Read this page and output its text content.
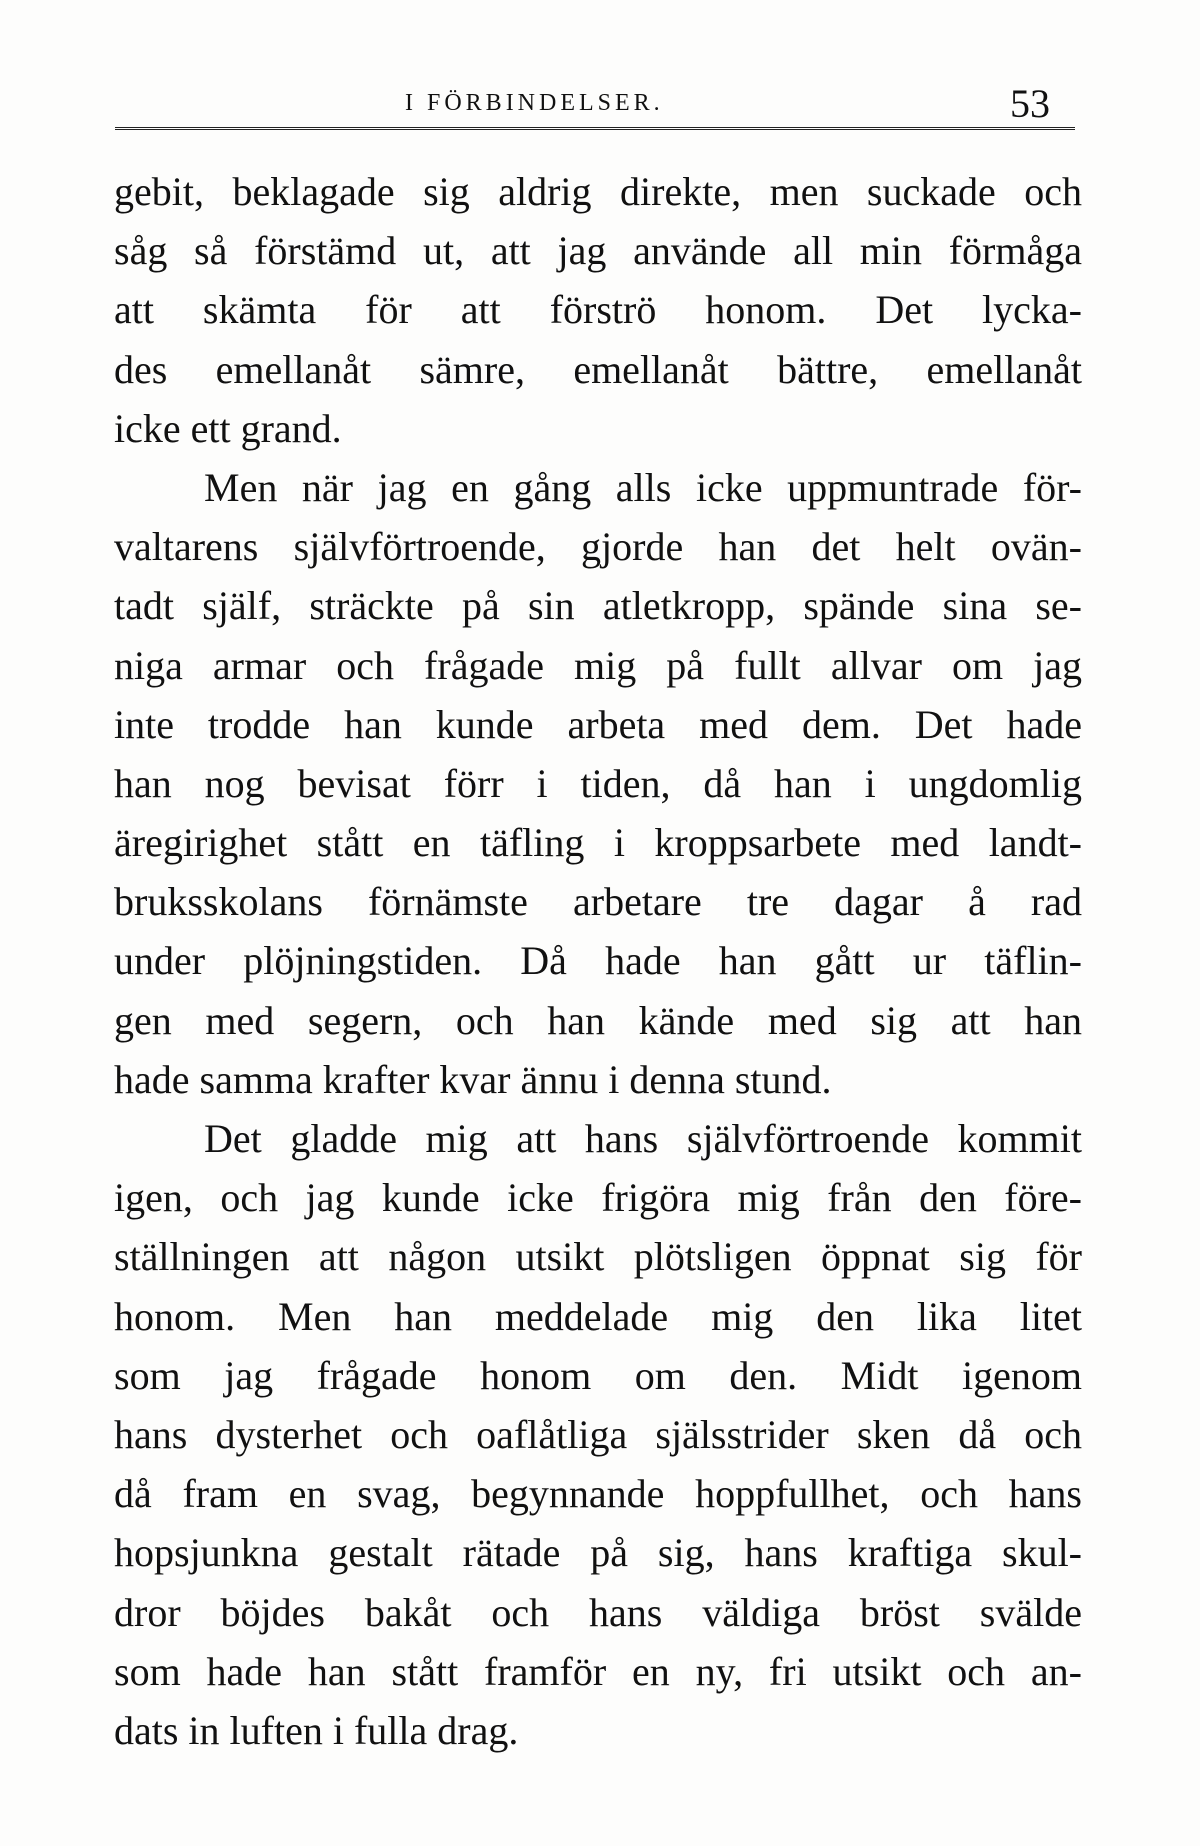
I FÖRBINDELSER.	53
gebit, beklagade sig aldrig direkte, men suckade och
såg så förstämd ut, att jag använde all min förmåga
att skämta för att förströ honom. Det lycka-
des emellanåt sämre, emellanåt bättre, emellanåt
icke ett grand.
Men när jag en gång alls icke uppmuntrade för-
valtarens självförtroende, gjorde han det helt ovän-
tadt själf, sträckte på sin atletkropp, spände sina se-
niga armar och frågade mig på fullt allvar om jag
inte trodde han kunde arbeta med dem. Det hade
han nog bevisat förr i tiden, då han i ungdomlig
äregirighet stått en täfling i kroppsarbete med landt-
bruksskolans förnämste arbetare tre dagar å rad
under plöjningstiden. Då hade han gått ur täflin-
gen med segern, och han kände med sig att han
hade samma krafter kvar ännu i denna stund.
Det gladde mig att hans självförtroende kommit
igen, och jag kunde icke frigöra mig från den före-
ställningen att någon utsikt plötsligen öppnat sig för
honom. Men han meddelade mig den lika litet
som jag frågade honom om den. Midt igenom
hans dysterhet och oaflåtliga själsstrider sken då och
då fram en svag, begynnande hoppfullhet, och hans
hopsjunkna gestalt rätade på sig, hans kraftiga skul-
dror böjdes bakåt och hans väldiga bröst svälde
som hade han stått framför en ny, fri utsikt och an-
dats in luften i fulla drag.
